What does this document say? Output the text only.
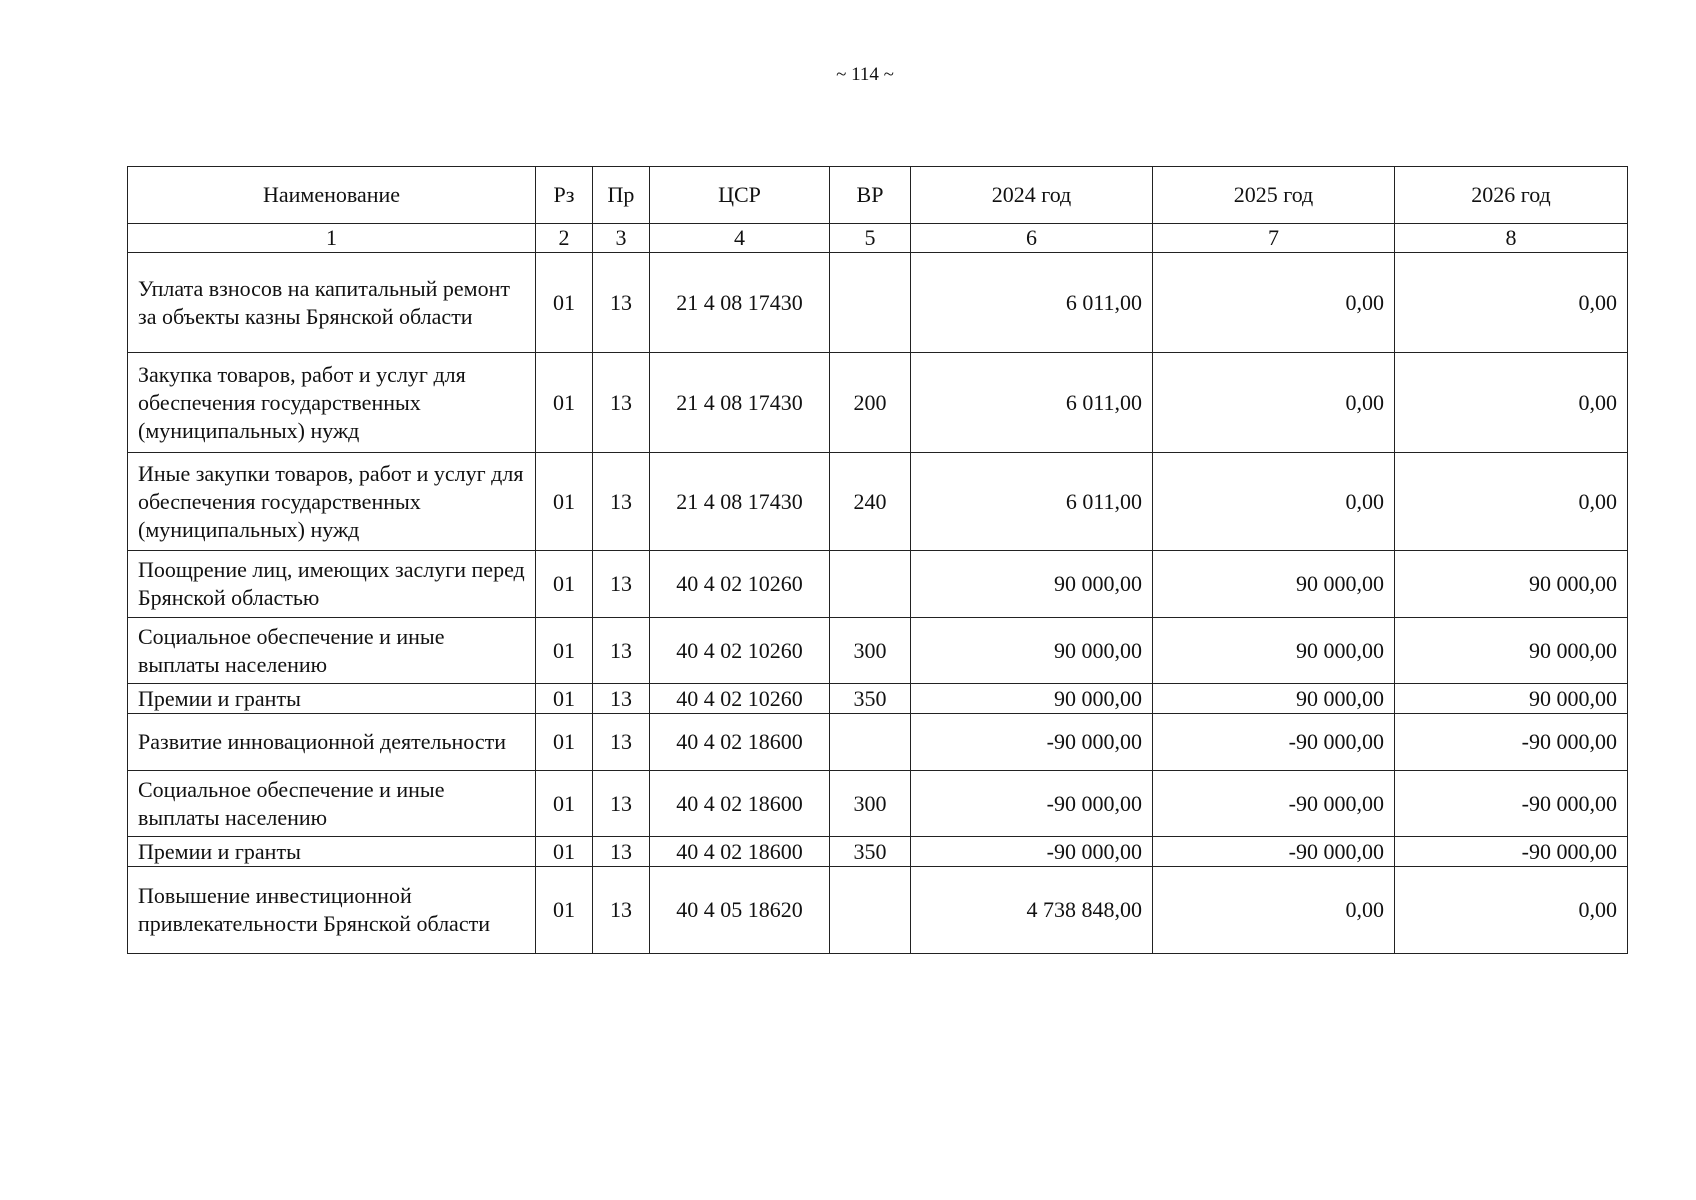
~ 114 ~
Наименование	Рз	Пр	ЦСР	ВР	2024 год	2025 год	2026 год
1	2	3	4	5	6	7	8
Уплата взносов на капитальный ремонт за объекты казны Брянской области	01	13	21 4 08 17430		6 011,00	0,00	0,00
Закупка товаров, работ и услуг для обеспечения государственных (муниципальных) нужд	01	13	21 4 08 17430	200	6 011,00	0,00	0,00
Иные закупки товаров, работ и услуг для обеспечения государственных (муниципальных) нужд	01	13	21 4 08 17430	240	6 011,00	0,00	0,00
Поощрение лиц, имеющих заслуги перед Брянской областью	01	13	40 4 02 10260		90 000,00	90 000,00	90 000,00
Социальное обеспечение и иные выплаты населению	01	13	40 4 02 10260	300	90 000,00	90 000,00	90 000,00
Премии и гранты	01	13	40 4 02 10260	350	90 000,00	90 000,00	90 000,00
Развитие инновационной деятельности	01	13	40 4 02 18600		-90 000,00	-90 000,00	-90 000,00
Социальное обеспечение и иные выплаты населению	01	13	40 4 02 18600	300	-90 000,00	-90 000,00	-90 000,00
Премии и гранты	01	13	40 4 02 18600	350	-90 000,00	-90 000,00	-90 000,00
Повышение инвестиционной привлекательности Брянской области	01	13	40 4 05 18620		4 738 848,00	0,00	0,00
